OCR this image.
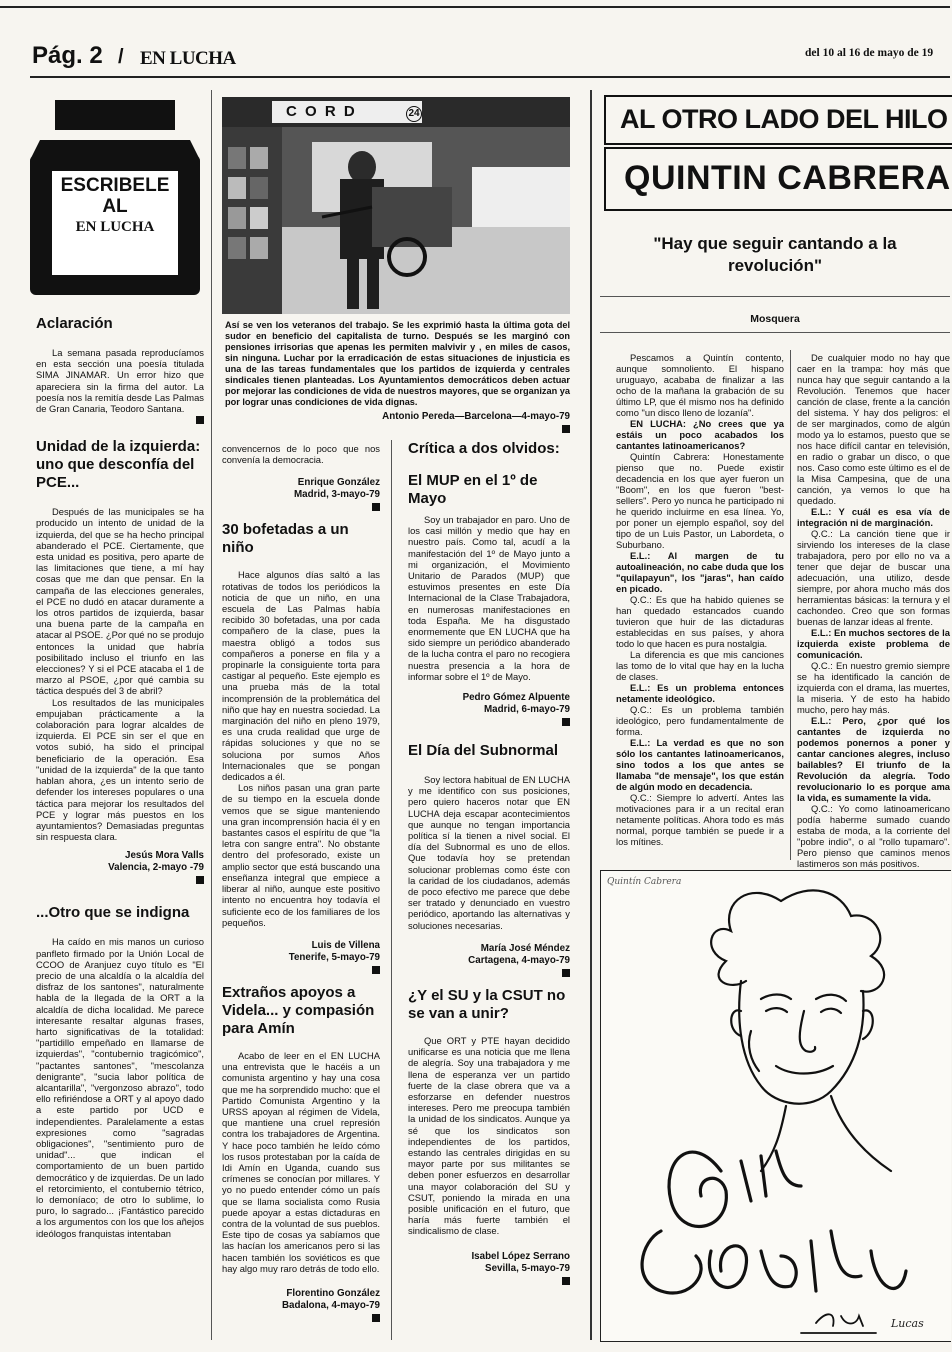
Pág. 2 / EN LUCHA	del 10 al 16 de mayo de 19
ESCRIBELE
AL
EN LUCHA
Aclaración

La semana pasada reproducíamos en esta sección una poesía titulada SIMA JINAMAR. Un error hizo que apareciera sin la firma del autor. La poesía nos la remitía desde Las Palmas de Gran Canaria, Teodoro Santana.

Unidad de la izquierda: uno que desconfía del PCE...

Después de las municipales se ha producido un intento de unidad de la izquierda, del que se ha hecho principal abanderado el PCE. Ciertamente, que esta unidad es positiva, pero aparte de las limitaciones que tiene, a mí hay cosas que me dan que pensar. En la campaña de las elecciones generales, el PCE no dudó en atacar duramente a los otros partidos de izquierda, basar una buena parte de la campaña en atacar al PSOE. ¿Por qué no se produjo entonces la unidad que habría posibilitado incluso el triunfo en las elecciones? Y si el PCE atacaba el 1 de marzo al PSOE, ¿por qué cambia su táctica después del 3 de abril?

Los resultados de las municipales empujaban prácticamente a la colaboración para lograr alcaldes de izquierda. El PCE sin ser el que en votos subió, ha sido el principal beneficiario de la operación. Esa "unidad de la izquierda" de la que tanto hablan ahora, ¿es un intento serio de defender los intereses populares o una táctica para mejorar los resultados del PCE y lograr más puestos en los ayuntamientos? Demasiadas preguntas sin respuesta clara.

Jesús Mora Valls
Valencia, 2-mayo -79
...Otro que se indigna

Ha caído en mis manos un curioso panfleto firmado por la Unión Local de CCOO de Aranjuez cuyo título es "El precio de una alcaldía o la alcaldía del disfraz de los santones", naturalmente habla de la llegada de la ORT a la alcaldía de dicha localidad. Me parece interesante resaltar algunas frases, harto significativas de la totalidad: "partidillo empeñado en llamarse de izquierdas", "contubernio tragicómico", "pactantes santones", "mescolanza denigrante", "sucia labor política de alcantarilla", "vergonzoso abrazo", todo ello refiriéndose a ORT y al apoyo dado a este partido por UCD e independientes. Paralelamente a estas expresiones como "sagradas obligaciones", "sentimiento puro de unidad"... que indican el comportamiento de un buen partido democrático y de izquierdas. De un lado el retorcimiento, el contubernio tétrico, lo demoníaco; de otro lo sublime, lo puro, lo sagrado... ¡Fantástico parecido a los argumentos con los que los añejos ideólogos franquistas intentaban

C O R D	24
Así se ven los veteranos del trabajo. Se les exprimió hasta la última gota del sudor en beneficio del capitalista de turno. Después se les marginó con pensiones irrisorias que apenas les permiten malvivir y , en miles de casos, sin ninguna. Luchar por la erradicación de estas situaciones de injusticia es una de las tareas fundamentales que los partidos de izquierda y centrales sindicales tienen planteadas. Los Ayuntamientos democráticos deben actuar por mejorar las condiciones de vida de nuestros mayores, que se organizan ya por lograr unas condiciones de vida dignas.
Antonio Pereda—Barcelona—4-mayo-79
convencernos de lo poco que nos convenía la democracia.
Enrique González
Madrid, 3-mayo-79
30 bofetadas a un niño

Hace algunos días saltó a las rotativas de todos los periódicos la noticia de que un niño, en una escuela de Las Palmas había recibido 30 bofetadas, una por cada compañero de la clase, pues la maestra obligó a todos sus compañeros a ponerse en fila y a propinarle la consiguiente torta para castigar al pequeño. Este ejemplo es una prueba más de la total incomprensión de la problemática del niño que hay en nuestra sociedad. La marginación del niño en pleno 1979, es una cruda realidad que urge de rápidas soluciones y que no se soluciona por sumos Años Internacionales que se pongan dedicados a él.

Los niños pasan una gran parte de su tiempo en la escuela donde vemos que se sigue manteniendo una gran incomprensión hacia él y en bastantes casos el espíritu de que "la letra con sangre entra". No obstante dentro del profesorado, existe un amplio sector que está buscando una enseñanza integral que empiece a liberar al niño, aunque este positivo intento no encuentra hoy todavía el suficiente eco de los familiares de los pequeños.

Luis de Villena
Tenerife, 5-mayo-79
Extraños apoyos a Videla... y compasión para Amín

Acabo de leer en el EN LUCHA una entrevista que le hacéis a un comunista argentino y hay una cosa que me ha sorprendido mucho: que el Partido Comunista Argentino y la URSS apoyan al régimen de Videla, que mantiene una cruel represión contra los trabajadores de Argentina. Y hace poco también he leído cómo los rusos protestaban por la caída de Idi Amín en Uganda, cuando sus crímenes se conocían por millares. Y yo no puedo entender cómo un país que se llama socialista como Rusia puede apoyar a estas dictaduras en contra de la voluntad de sus pueblos. Este tipo de cosas ya sabíamos que las hacían los americanos pero si las hacen también los soviéticos es que hay algo muy raro detrás de todo ello.

Florentino González
Badalona, 4-mayo-79
Crítica a dos olvidos:
El MUP en el 1º de Mayo

Soy un trabajador en paro. Uno de los casi millón y medio que hay en nuestro país. Como tal, acudí a la manifestación del 1º de Mayo junto a mi organización, el Movimiento Unitario de Parados (MUP) que estuvimos presentes en este Día Internacional de la Clase Trabajadora, en numerosas manifestaciones en toda España. Me ha disgustado enormemente que EN LUCHA que ha sido siempre un periódico abanderado de la lucha contra el paro no recogiera nuestra presencia a la hora de informar sobre el 1º de Mayo.

Pedro Gómez Alpuente
Madrid, 6-mayo-79
El Día del Subnormal

Soy lectora habitual de EN LUCHA y me identifico con sus posiciones, pero quiero haceros notar que EN LUCHA deja escapar acontecimientos que aunque no tengan importancia política sí la tienen a nivel social. El día del Subnormal es uno de ellos. Que todavía hoy se pretendan solucionar problemas como éste con la caridad de los ciudadanos, además de poco efectivo me parece que debe ser tratado y denunciado en vuestro periódico, aportando las alternativas y soluciones necesarias.

María José Méndez
Cartagena, 4-mayo-79
¿Y el SU y la CSUT no se van a unir?

Que ORT y PTE hayan decidido unificarse es una noticia que me llena de alegría. Soy una trabajadora y me llena de esperanza ver un partido fuerte de la clase obrera que va a esforzarse en defender nuestros intereses. Pero me preocupa también la unidad de los sindicatos. Aunque ya sé que los sindicatos son independientes de los partidos, estando las centrales dirigidas en su mayor parte por sus militantes se deben poner esfuerzos en desarrollar una mayor colaboración del SU y CSUT, poniendo la mirada en una posible unificación en el futuro, que haría más fuerte también el sindicalismo de clase.

Isabel López Serrano
Sevilla, 5-mayo-79
AL OTRO LADO DEL HILO
QUINTIN CABRERA
"Hay que seguir cantando a la revolución"
Mosquera

Pescamos a Quintín contento, aunque somnoliento. El hispano uruguayo, acababa de finalizar a las ocho de la mañana la grabación de su último LP, que él mismo nos ha definido como "un disco lleno de lozanía".

EN LUCHA: ¿No crees que ya estáis un poco acabados los cantantes latinoamericanos?

Quintín Cabrera: Honestamente pienso que no. Puede existir decadencia en los que ayer fueron un "Boom", en los que fueron "best-sellers". Pero yo nunca he participado ni he querido incluirme en esa línea. Yo, por poner un ejemplo español, soy del tipo de un Luis Pastor, un Labordeta, o Suburbano.

E.L.: Al margen de tu autoalineación, no cabe duda que los "quilapayun", los "jaras", han caído en picado.

Q.C.: Es que ha habido quienes se han quedado estancados cuando tuvieron que huir de las dictaduras establecidas en sus países, y ahora todo lo que hacen es pura nostalgia.

La diferencia es que mis canciones las tomo de lo vital que hay en la lucha de clases.

E.L.: Es un problema entonces netamente ideológico.

Q.C.: Es un problema también ideológico, pero fundamentalmente de forma.

E.L.: La verdad es que no son sólo los cantantes latinoamericanos, sino todos a los que antes se llamaba "de mensaje", los que están de algún modo en decadencia.

Q.C.: Siempre lo advertí. Antes las motivaciones para ir a un recital eran netamente políticas. Ahora todo es más normal, porque también se puede ir a los mítines.

De cualquier modo no hay que caer en la trampa: hoy más que nunca hay que seguir cantando a la Revolución. Tenemos que hacer canción de clase, frente a la canción del sistema. Y hay dos peligros: el de ser marginados, como de algún modo ya lo estamos, puesto que se nos hace difícil cantar en televisión, en radio o grabar un disco, o que nos. Caso como este último es el de la Misa Campesina, que de una canción, ya vemos lo que ha quedado.

E.L.: Y cuál es esa vía de integración ni de marginación.

Q.C.: La canción tiene que ir sirviendo los intereses de la clase trabajadora, pero por ello no va a tener que dejar de buscar una adecuación, una utilizo, desde siempre, por ahora mucho más dos herramientas básicas: la ternura y el cachondeo. Creo que son formas buenas de lanzar ideas al frente.

E.L.: En muchos sectores de la izquierda existe problema de comunicación.

Q.C.: En nuestro gremio siempre se ha identificado la canción de izquierda con el drama, las muertes, la miseria. Y de esto ha habido mucho, pero hay más.

E.L.: Pero, ¿por qué los cantantes de izquierda no podemos ponernos a poner y cantar canciones alegres, incluso bailables? El triunfo de la Revolución da alegría. Todo revolucionario lo es porque ama la vida, es sumamente la vida.

Q.C.: Yo como latinoamericano podía haberme sumado cuando estaba de moda, a la corriente del "pobre indio", o al "rollo tupamaro". Pero pienso que caminos menos lastimeros son más positivos.

Quintín Cabrera
Lucas
